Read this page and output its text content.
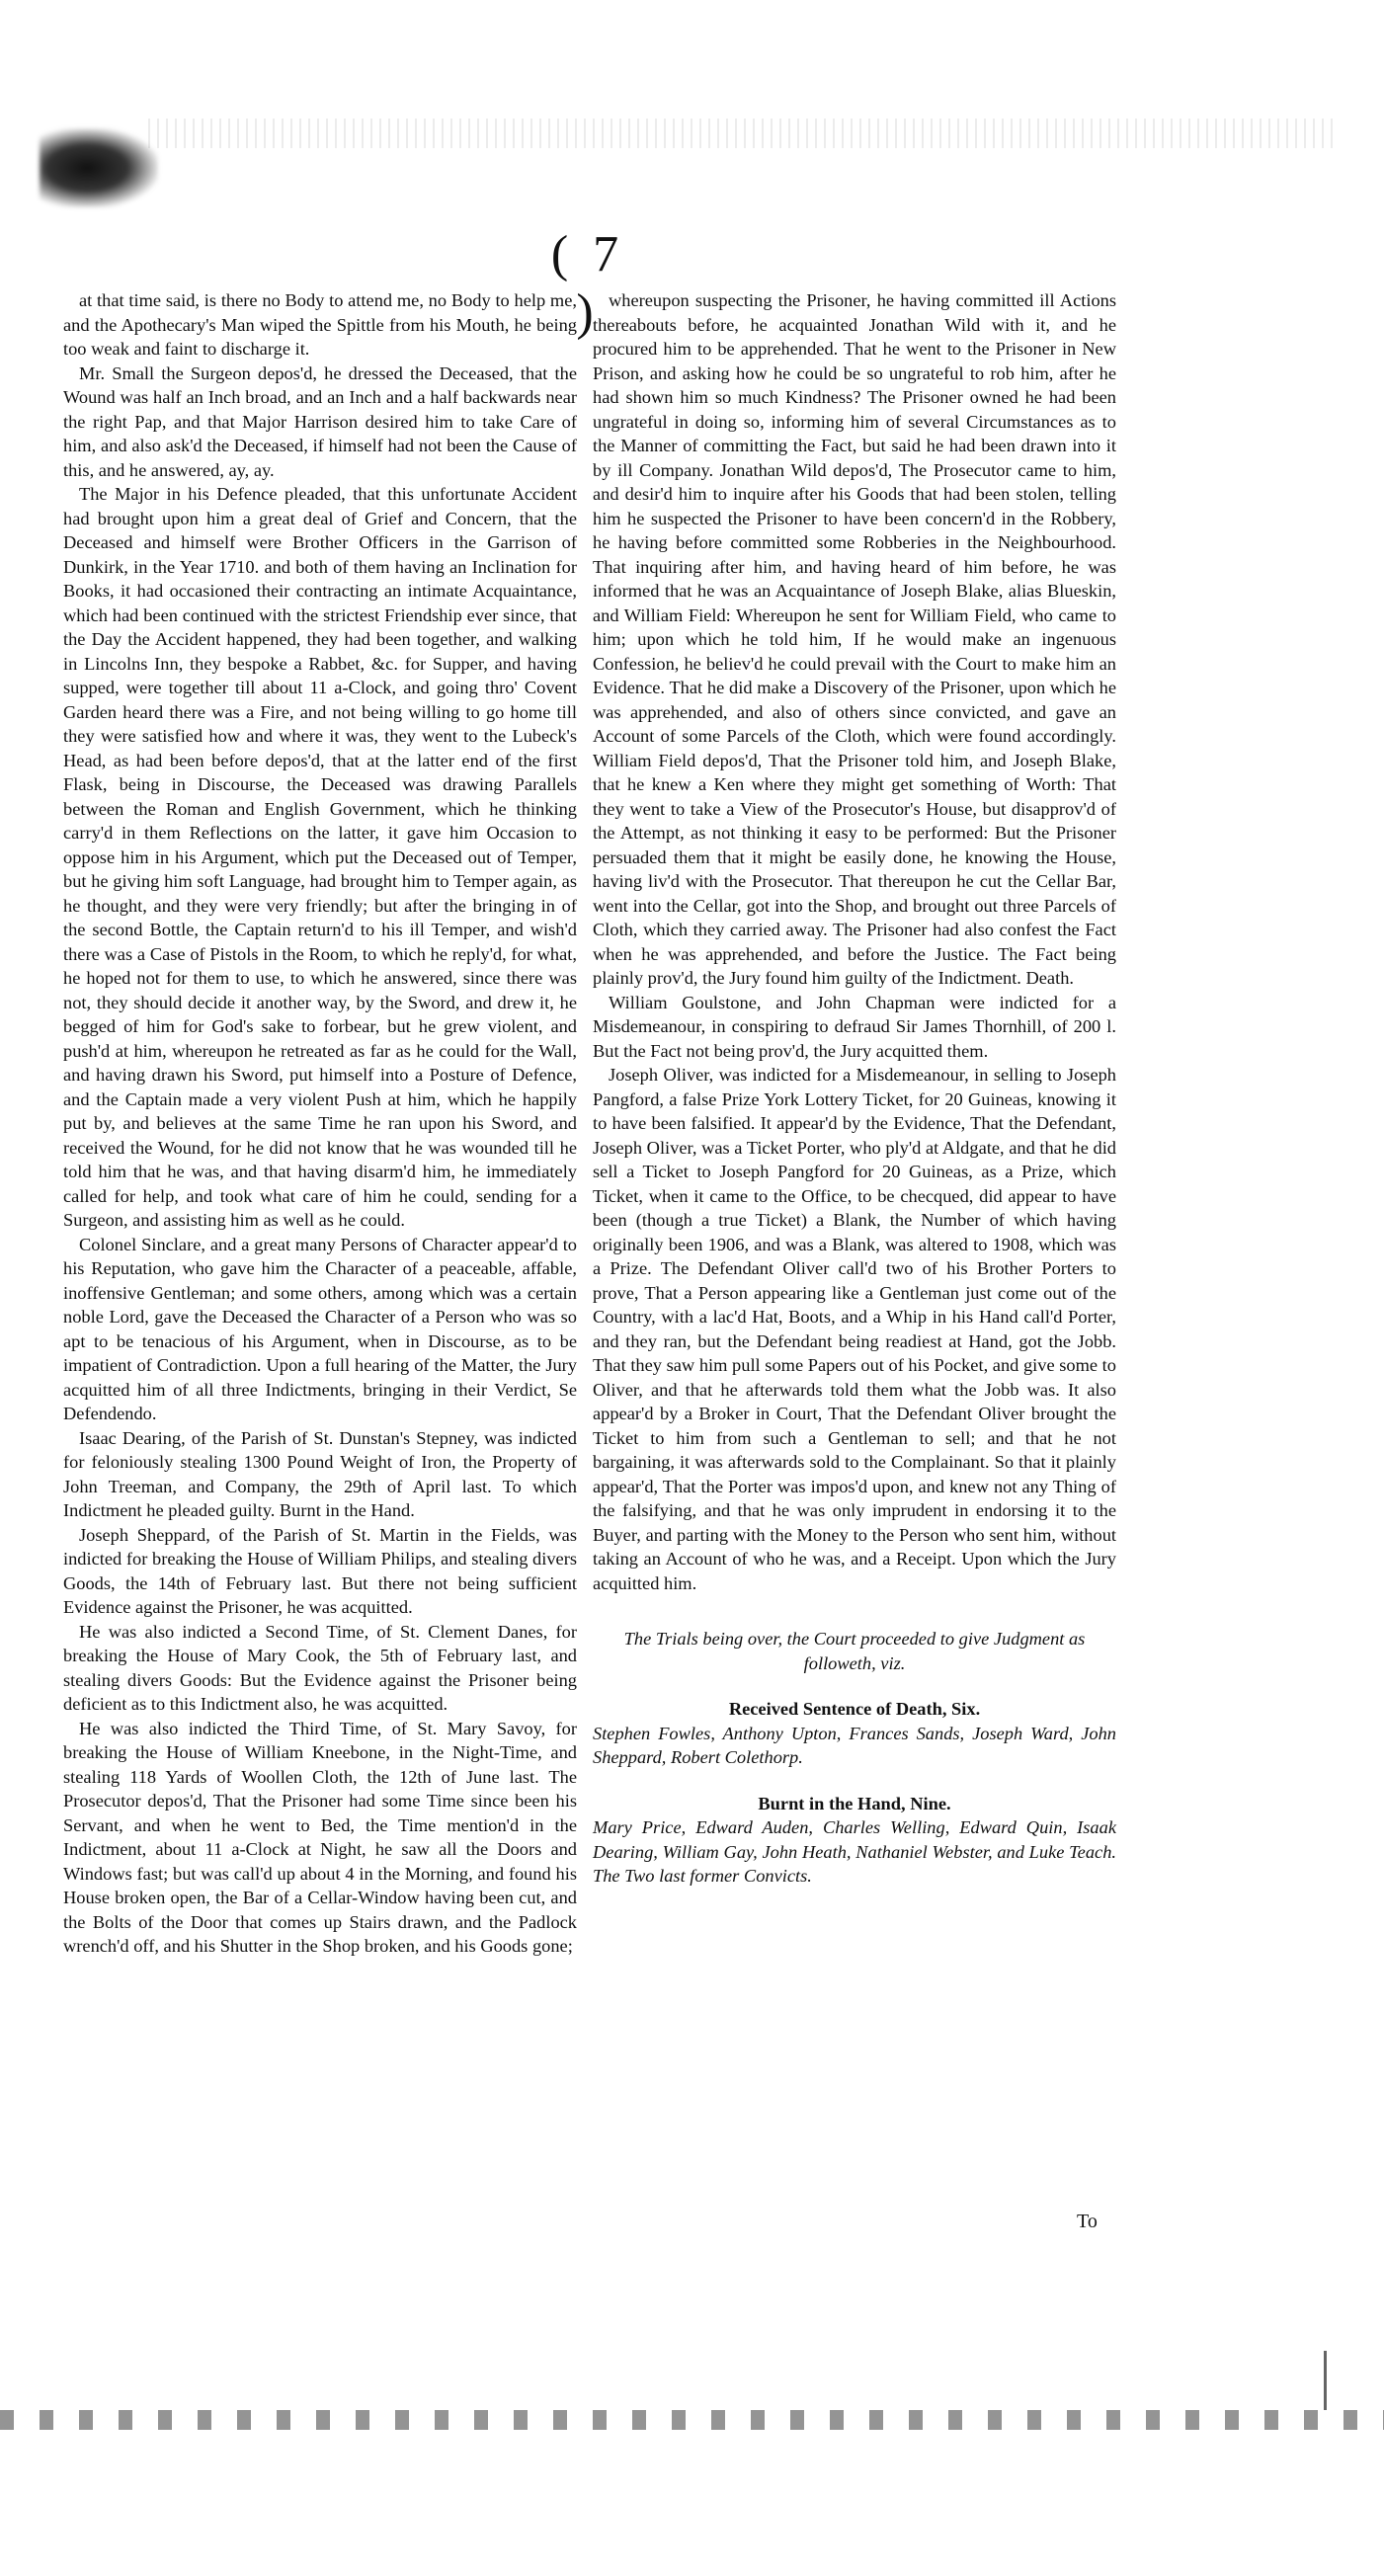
( 7 )

at that time said, is there no Body to attend me, no Body to help me, and the Apothecary's Man wiped the Spittle from his Mouth, he being too weak and faint to discharge it.

Mr. Small the Surgeon depos'd, he dressed the Deceased, that the Wound was half an Inch broad, and an Inch and a half backwards near the right Pap, and that Major Harrison desired him to take Care of him, and also ask'd the Deceased, if himself had not been the Cause of this, and he answered, ay, ay.

The Major in his Defence pleaded, that this unfortunate Accident had brought upon him a great deal of Grief and Concern, that the Deceased and himself were Brother Officers in the Garrison of Dunkirk, in the Year 1710. and both of them having an Inclination for Books, it had occasioned their contracting an intimate Acquaintance, which had been continued with the strictest Friendship ever since, that the Day the Accident happened, they had been together, and walking in Lincolns Inn, they bespoke a Rabbet, &c. for Supper, and having supped, were together till about 11 a-Clock, and going thro' Covent Garden heard there was a Fire, and not being willing to go home till they were satisfied how and where it was, they went to the Lubeck's Head, as had been before depos'd, that at the latter end of the first Flask, being in Discourse, the Deceased was drawing Parallels between the Roman and English Government, which he thinking carry'd in them Reflections on the latter, it gave him Occasion to oppose him in his Argument, which put the Deceased out of Temper, but he giving him soft Language, had brought him to Temper again, as he thought, and they were very friendly; but after the bringing in of the second Bottle, the Captain return'd to his ill Temper, and wish'd there was a Case of Pistols in the Room, to which he reply'd, for what, he hoped not for them to use, to which he answered, since there was not, they should decide it another way, by the Sword, and drew it, he begged of him for God's sake to forbear, but he grew violent, and push'd at him, whereupon he retreated as far as he could for the Wall, and having drawn his Sword, put himself into a Posture of Defence, and the Captain made a very violent Push at him, which he happily put by, and believes at the same Time he ran upon his Sword, and received the Wound, for he did not know that he was wounded till he told him that he was, and that having disarm'd him, he immediately called for help, and took what care of him he could, sending for a Surgeon, and assisting him as well as he could.

Colonel Sinclare, and a great many Persons of Character appear'd to his Reputation, who gave him the Character of a peaceable, affable, inoffensive Gentleman; and some others, among which was a certain noble Lord, gave the Deceased the Character of a Person who was so apt to be tenacious of his Argument, when in Discourse, as to be impatient of Contradiction. Upon a full hearing of the Matter, the Jury acquitted him of all three Indictments, bringing in their Verdict, Se Defendendo.

Isaac Dearing, of the Parish of St. Dunstan's Stepney, was indicted for feloniously stealing 1300 Pound Weight of Iron, the Property of John Treeman, and Company, the 29th of April last. To which Indictment he pleaded guilty. Burnt in the Hand.

Joseph Sheppard, of the Parish of St. Martin in the Fields, was indicted for breaking the House of William Philips, and stealing divers Goods, the 14th of February last. But there not being sufficient Evidence against the Prisoner, he was acquitted.

He was also indicted a Second Time, of St. Clement Danes, for breaking the House of Mary Cook, the 5th of February last, and stealing divers Goods: But the Evidence against the Prisoner being deficient as to this Indictment also, he was acquitted.

He was also indicted the Third Time, of St. Mary Savoy, for breaking the House of William Kneebone, in the Night-Time, and stealing 118 Yards of Woollen Cloth, the 12th of June last. The Prosecutor depos'd, That the Prisoner had some Time since been his Servant, and when he went to Bed, the Time mention'd in the Indictment, about 11 a-Clock at Night, he saw all the Doors and Windows fast; but was call'd up about 4 in the Morning, and found his House broken open, the Bar of a Cellar-Window having been cut, and the Bolts of the Door that comes up Stairs drawn, and the Padlock wrench'd off, and his Shutter in the Shop broken, and his Goods gone;

whereupon suspecting the Prisoner, he having committed ill Actions thereabouts before, he acquainted Jonathan Wild with it, and he procured him to be apprehended. That he went to the Prisoner in New Prison, and asking how he could be so ungrateful to rob him, after he had shown him so much Kindness? The Prisoner owned he had been ungrateful in doing so, informing him of several Circumstances as to the Manner of committing the Fact, but said he had been drawn into it by ill Company. Jonathan Wild depos'd, The Prosecutor came to him, and desir'd him to inquire after his Goods that had been stolen, telling him he suspected the Prisoner to have been concern'd in the Robbery, he having before committed some Robberies in the Neighbourhood. That inquiring after him, and having heard of him before, he was informed that he was an Acquaintance of Joseph Blake, alias Blueskin, and William Field: Whereupon he sent for William Field, who came to him; upon which he told him, If he would make an ingenuous Confession, he believ'd he could prevail with the Court to make him an Evidence. That he did make a Discovery of the Prisoner, upon which he was apprehended, and also of others since convicted, and gave an Account of some Parcels of the Cloth, which were found accordingly. William Field depos'd, That the Prisoner told him, and Joseph Blake, that he knew a Ken where they might get something of Worth: That they went to take a View of the Prosecutor's House, but disapprov'd of the Attempt, as not thinking it easy to be performed: But the Prisoner persuaded them that it might be easily done, he knowing the House, having liv'd with the Prosecutor. That thereupon he cut the Cellar Bar, went into the Cellar, got into the Shop, and brought out three Parcels of Cloth, which they carried away. The Prisoner had also confest the Fact when he was apprehended, and before the Justice. The Fact being plainly prov'd, the Jury found him guilty of the Indictment. Death.

William Goulstone, and John Chapman were indicted for a Misdemeanour, in conspiring to defraud Sir James Thornhill, of 200 l. But the Fact not being prov'd, the Jury acquitted them.

Joseph Oliver, was indicted for a Misdemeanour, in selling to Joseph Pangford, a false Prize York Lottery Ticket, for 20 Guineas, knowing it to have been falsified. It appear'd by the Evidence, That the Defendant, Joseph Oliver, was a Ticket Porter, who ply'd at Aldgate, and that he did sell a Ticket to Joseph Pangford for 20 Guineas, as a Prize, which Ticket, when it came to the Office, to be checqued, did appear to have been (though a true Ticket) a Blank, the Number of which having originally been 1906, and was a Blank, was altered to 1908, which was a Prize. The Defendant Oliver call'd two of his Brother Porters to prove, That a Person appearing like a Gentleman just come out of the Country, with a lac'd Hat, Boots, and a Whip in his Hand call'd Porter, and they ran, but the Defendant being readiest at Hand, got the Jobb. That they saw him pull some Papers out of his Pocket, and give some to Oliver, and that he afterwards told them what the Jobb was. It also appear'd by a Broker in Court, That the Defendant Oliver brought the Ticket to him from such a Gentleman to sell; and that he not bargaining, it was afterwards sold to the Complainant. So that it plainly appear'd, That the Porter was impos'd upon, and knew not any Thing of the falsifying, and that he was only imprudent in endorsing it to the Buyer, and parting with the Money to the Person who sent him, without taking an Account of who he was, and a Receipt. Upon which the Jury acquitted him.

The Trials being over, the Court proceeded to give Judgment as followeth, viz.

Received Sentence of Death, Six.

Stephen Fowles, Anthony Upton, Frances Sands, Joseph Ward, John Sheppard, Robert Colethorp.

Burnt in the Hand, Nine.

Mary Price, Edward Auden, Charles Welling, Edward Quin, Isaak Dearing, William Gay, John Heath, Nathaniel Webster, and Luke Teach. The Two last former Convicts.

To
